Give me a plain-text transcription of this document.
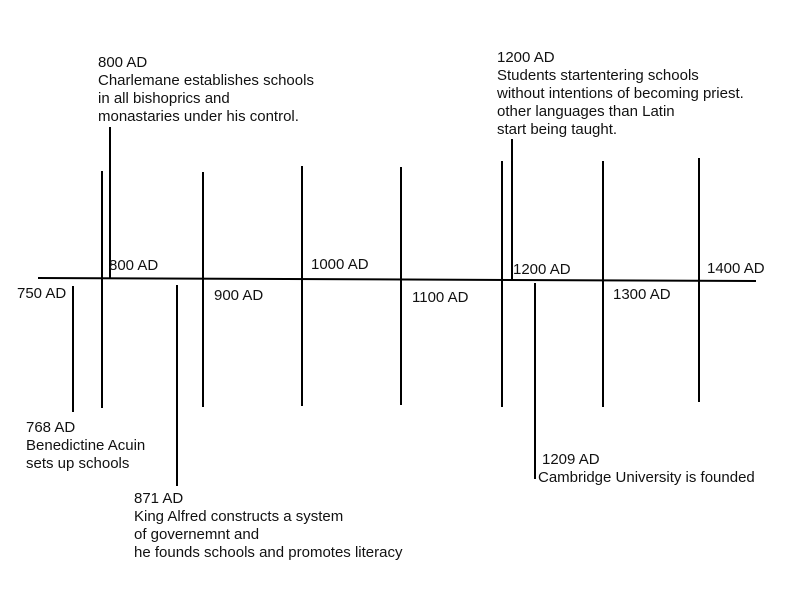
750 AD
800 AD
900 AD
1000 AD
1100 AD
1200 AD
1300 AD
1400 AD
768 AD
Benedictine Acuin
sets up schools
800 AD
Charlemane establishes schools
in all bishoprics and
monastaries under his control.
871 AD
King Alfred constructs a system
of governemnt and
he founds schools and promotes literacy
1200 AD
Students startentering schools
without intentions of becoming priest.
other languages than Latin
start being taught.
1209 AD
Cambridge University is founded
